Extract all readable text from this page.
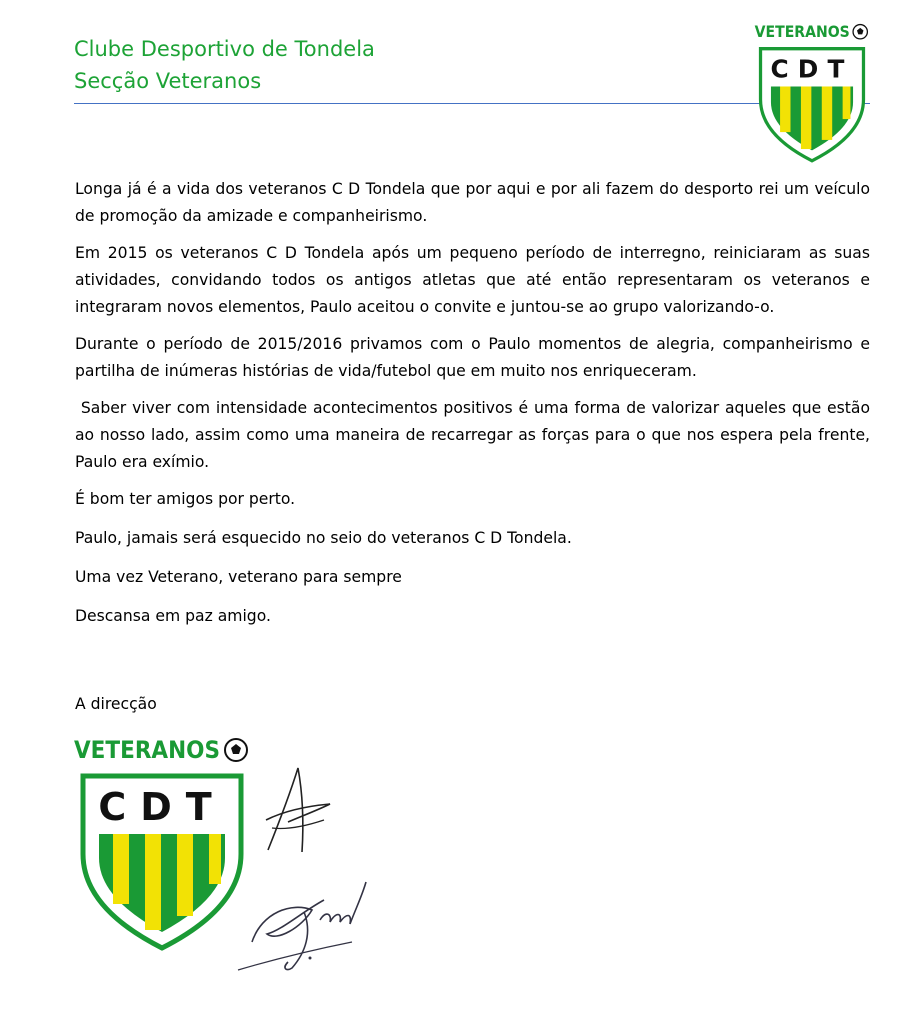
Clube Desportivo de Tondela
Secção Veteranos
VETERANOS
CDT

Longa já é a vida dos veteranos C D Tondela que por aqui e por ali fazem do desporto rei um veículo de promoção da amizade e companheirismo.

Em 2015 os veteranos C D Tondela após um pequeno período de interregno, reiniciaram as suas atividades, convidando todos os antigos atletas que até então representaram os veteranos e integraram novos elementos, Paulo aceitou o convite e juntou-se ao grupo valorizando-o.

Durante o período de 2015/2016 privamos com o Paulo momentos de alegria, companheirismo e partilha de inúmeras histórias de vida/futebol que em muito nos enriqueceram.

Saber viver com intensidade acontecimentos positivos é uma forma de valorizar aqueles que estão ao nosso lado, assim como uma maneira de recarregar as forças para o que nos espera pela frente, Paulo era exímio.

É bom ter amigos por perto.

Paulo, jamais será esquecido no seio do veteranos C D Tondela.

Uma vez Veterano, veterano para sempre

Descansa em paz amigo.

A direcção
VETERANOS
CDT
